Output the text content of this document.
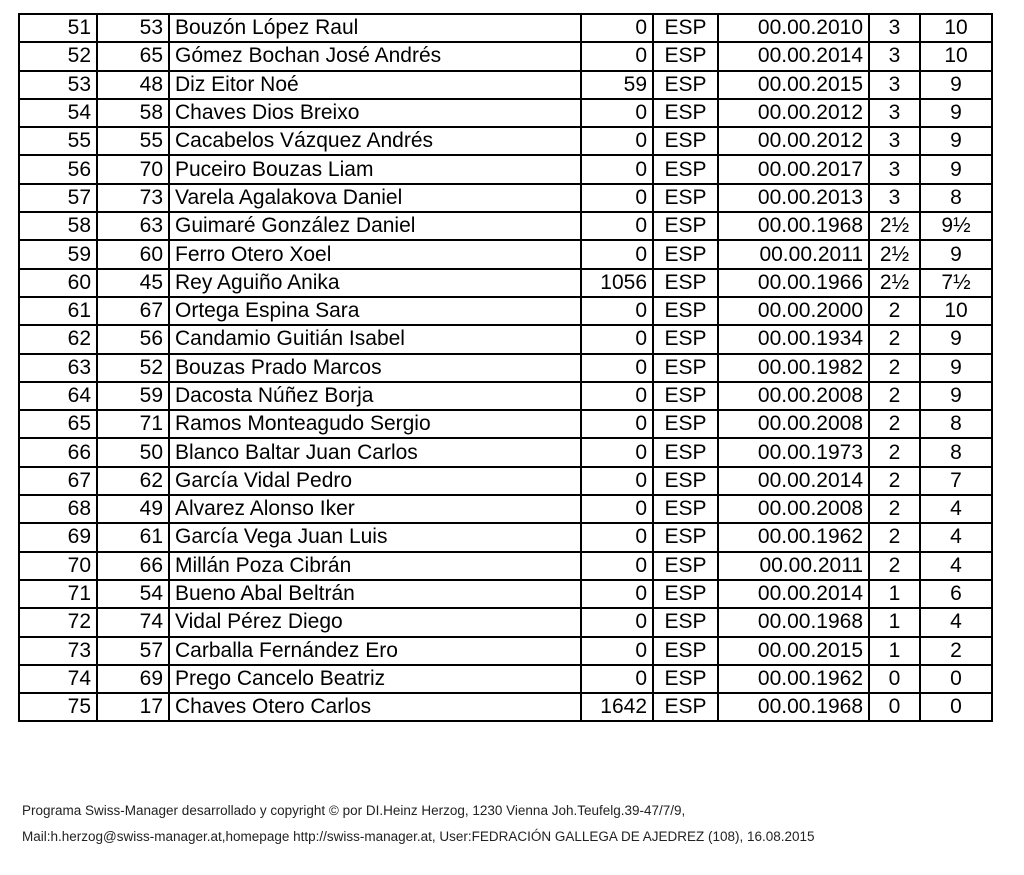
51	53	Bouzón López Raul	0	ESP	00.00.2010	3	10
52	65	Gómez Bochan José Andrés	0	ESP	00.00.2014	3	10
53	48	Diz Eitor Noé	59	ESP	00.00.2015	3	9
54	58	Chaves Dios Breixo	0	ESP	00.00.2012	3	9
55	55	Cacabelos Vázquez Andrés	0	ESP	00.00.2012	3	9
56	70	Puceiro Bouzas Liam	0	ESP	00.00.2017	3	9
57	73	Varela Agalakova Daniel	0	ESP	00.00.2013	3	8
58	63	Guimaré González Daniel	0	ESP	00.00.1968	2½	9½
59	60	Ferro Otero Xoel	0	ESP	00.00.2011	2½	9
60	45	Rey Aguiño Anika	1056	ESP	00.00.1966	2½	7½
61	67	Ortega Espina Sara	0	ESP	00.00.2000	2	10
62	56	Candamio Guitián Isabel	0	ESP	00.00.1934	2	9
63	52	Bouzas Prado Marcos	0	ESP	00.00.1982	2	9
64	59	Dacosta Núñez Borja	0	ESP	00.00.2008	2	9
65	71	Ramos Monteagudo Sergio	0	ESP	00.00.2008	2	8
66	50	Blanco Baltar Juan Carlos	0	ESP	00.00.1973	2	8
67	62	García Vidal Pedro	0	ESP	00.00.2014	2	7
68	49	Alvarez Alonso Iker	0	ESP	00.00.2008	2	4
69	61	García Vega Juan Luis	0	ESP	00.00.1962	2	4
70	66	Millán Poza Cibrán	0	ESP	00.00.2011	2	4
71	54	Bueno Abal Beltrán	0	ESP	00.00.2014	1	6
72	74	Vidal Pérez Diego	0	ESP	00.00.1968	1	4
73	57	Carballa Fernández Ero	0	ESP	00.00.2015	1	2
74	69	Prego Cancelo Beatriz	0	ESP	00.00.1962	0	0
75	17	Chaves Otero Carlos	1642	ESP	00.00.1968	0	0
Programa Swiss-Manager desarrollado y copyright © por DI.Heinz Herzog, 1230 Vienna Joh.Teufelg.39-47/7/9,
Mail:h.herzog@swiss-manager.at,homepage http://swiss-manager.at, User:FEDRACIÓN GALLEGA DE AJEDREZ (108), 16.08.2015
